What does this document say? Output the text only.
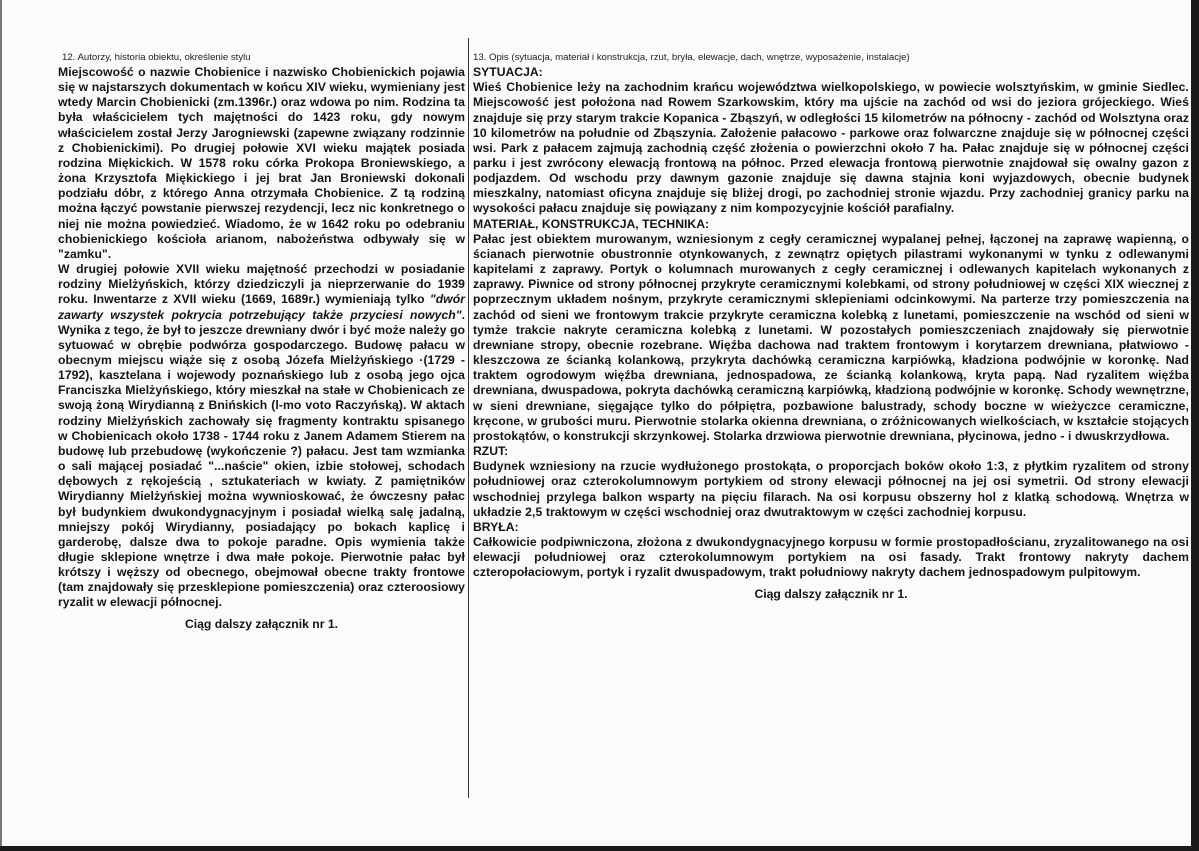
12. Autorzy, historia obiektu, określenie stylu	13. Opis (sytuacja, materiał i konstrukcja, rzut, bryła, elewacje, dach, wnętrze, wyposażenie, instalacje)

Miejscowość o nazwie Chobienice i nazwisko Chobienickich pojawia się w najstarszych dokumentach w końcu XIV wieku, wymieniany jest wtedy Marcin Chobienicki (zm.1396r.) oraz wdowa po nim. Rodzina ta była właścicielem tych majętności do 1423 roku, gdy nowym właścicielem został Jerzy Jarogniewski (zapewne związany rodzinnie z Chobienickimi). Po drugiej połowie XVI wieku majątek posiada rodzina Miękickich. W 1578 roku córka Prokopa Broniewskiego, a żona Krzysztofa Miękickiego i jej brat Jan Broniewski dokonali podziału dóbr, z którego Anna otrzymała Chobienice. Z tą rodziną można łączyć powstanie pierwszej rezydencji, lecz nic konkretnego o niej nie można powiedzieć. Wiadomo, że w 1642 roku po odebraniu chobienickiego kościoła arianom, nabożeństwa odbywały się w "zamku".

W drugiej połowie XVII wieku majętność przechodzi w posiadanie rodziny Mielżyńskich, którzy dziedziczyli ja nieprzerwanie do 1939 roku. Inwentarze z XVII wieku (1669, 1689r.) wymieniają tylko "dwór zawarty wszystek pokrycia potrzebujący także przyciesi nowych". Wynika z tego, że był to jeszcze drewniany dwór i być może należy go sytuować w obrębie podwórza gospodarczego. Budowę pałacu w obecnym miejscu wiąże się z osobą Józefa Mielżyńskiego ·(1729 - 1792), kasztelana i wojewody poznańskiego lub z osobą jego ojca Franciszka Mielżyńskiego, który mieszkał na stałe w Chobienicach ze swoją żoną Wirydianną z Bnińskich (l-mo voto Raczyńską). W aktach rodziny Mielżyńskich zachowały się fragmenty kontraktu spisanego w Chobienicach około 1738 - 1744 roku z Janem Adamem Stierem na budowę lub przebudowę (wykończenie ?) pałacu. Jest tam wzmianka o sali mającej posiadać "...naście" okien, izbie stołowej, schodach dębowych z rękojeścią , sztukateriach w kwiaty. Z pamiętników Wirydianny Mielżyńskiej można wywnioskować, że ówczesny pałac był budynkiem dwukondygnacyjnym i posiadał wielką salę jadalną, mniejszy pokój Wirydianny, posiadający po bokach kaplicę i garderobę, dalsze dwa to pokoje paradne. Opis wymienia także długie sklepione wnętrze i dwa małe pokoje. Pierwotnie pałac był krótszy i węższy od obecnego, obejmował obecne trakty frontowe (tam znajdowały się przesklepione pomieszczenia) oraz czteroosiowy ryzalit w elewacji północnej.

Ciąg dalszy załącznik nr 1.
SYTUACJA:

Wieś Chobienice leży na zachodnim krańcu województwa wielkopolskiego, w powiecie wolsztyńskim, w gminie Siedlec. Miejscowość jest położona nad Rowem Szarkowskim, który ma ujście na zachód od wsi do jeziora grójeckiego. Wieś znajduje się przy starym trakcie Kopanica - Zbąszyń, w odległości 15 kilometrów na północny - zachód od Wolsztyna oraz 10 kilometrów na południe od Zbąszynia. Założenie pałacowo - parkowe oraz folwarczne znajduje się w północnej części wsi. Park z pałacem zajmują zachodnią część złożenia o powierzchni około 7 ha. Pałac znajduje się w północnej części parku i jest zwrócony elewacją frontową na północ. Przed elewacja frontową pierwotnie znajdował się owalny gazon z podjazdem. Od wschodu przy dawnym gazonie znajduje się dawna stajnia koni wyjazdowych, obecnie budynek mieszkalny, natomiast oficyna znajduje się bliżej drogi, po zachodniej stronie wjazdu. Przy zachodniej granicy parku na wysokości pałacu znajduje się powiązany z nim kompozycyjnie kościół parafialny.

MATERIAŁ, KONSTRUKCJA, TECHNIKA:

Pałac jest obiektem murowanym, wzniesionym z cegły ceramicznej wypalanej pełnej, łączonej na zaprawę wapienną, o ścianach pierwotnie obustronnie otynkowanych, z zewnątrz opiętych pilastrami wykonanymi w tynku z odlewanymi kapitelami z zaprawy. Portyk o kolumnach murowanych z cegły ceramicznej i odlewanych kapitelach wykonanych z zaprawy. Piwnice od strony północnej przykryte ceramicznymi kolebkami, od strony południowej w części XIX wiecznej z poprzecznym układem nośnym, przykryte ceramicznymi sklepieniami odcinkowymi. Na parterze trzy pomieszczenia na zachód od sieni we frontowym trakcie przykryte ceramiczna kolebką z lunetami, pomieszczenie na wschód od sieni w tymże trakcie nakryte ceramiczna kolebką z lunetami. W pozostałych pomieszczeniach znajdowały się pierwotnie drewniane stropy, obecnie rozebrane. Więźba dachowa nad traktem frontowym i korytarzem drewniana, płatwiowo - kleszczowa ze ścianką kolankową, przykryta dachówką ceramiczna karpiówką, kładziona podwójnie w koronkę. Nad traktem ogrodowym więźba drewniana, jednospadowa, ze ścianką kolankową, kryta papą. Nad ryzalitem więźba drewniana, dwuspadowa, pokryta dachówką ceramiczną karpiówką, kładzioną podwójnie w koronkę. Schody wewnętrzne, w sieni drewniane, sięgające tylko do półpiętra, pozbawione balustrady, schody boczne w wieżyczce ceramiczne, kręcone, w grubości muru. Pierwotnie stolarka okienna drewniana, o zróżnicowanych wielkościach, w kształcie stojących prostokątów, o konstrukcji skrzynkowej. Stolarka drzwiowa pierwotnie drewniana, płycinowa, jedno - i dwuskrzydłowa.

RZUT:

Budynek wzniesiony na rzucie wydłużonego prostokąta, o proporcjach boków około 1:3, z płytkim ryzalitem od strony południowej oraz czterokolumnowym portykiem od strony elewacji północnej na jej osi symetrii. Od strony elewacji wschodniej przylega balkon wsparty na pięciu filarach. Na osi korpusu obszerny hol z klatką schodową. Wnętrza w układzie 2,5 traktowym w części wschodniej oraz dwutraktowym w części zachodniej korpusu.

BRYŁA:

Całkowicie podpiwniczona, złożona z dwukondygnacyjnego korpusu w formie prostopadłościanu, zryzalitowanego na osi elewacji południowej oraz czterokolumnowym portykiem na osi fasady. Trakt frontowy nakryty dachem czteropołaciowym, portyk i ryzalit dwuspadowym, trakt południowy nakryty dachem jednospadowym pulpitowym.

Ciąg dalszy załącznik nr 1.
